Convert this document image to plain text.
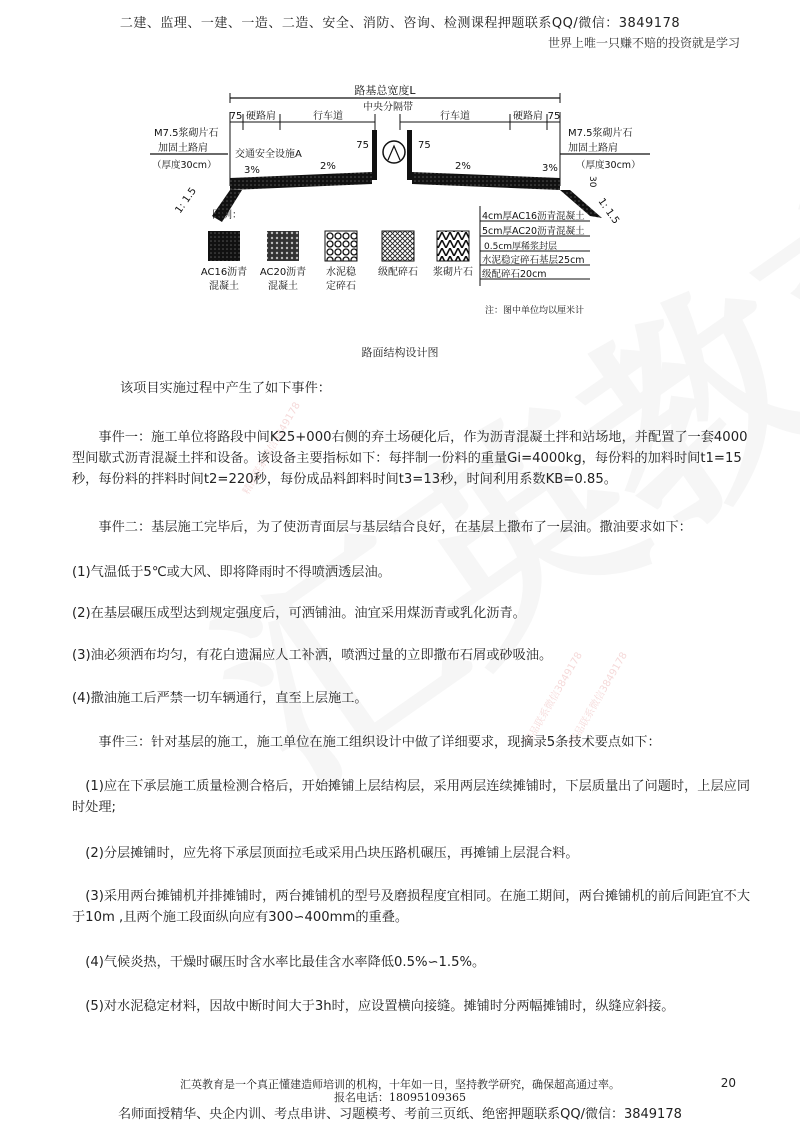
二建、监理、一建、一造、二造、安全、消防、咨询、检测课程押题联系QQ/微信：3849178
世界上唯一只赚不赔的投资就是学习
路基总宽度L
中央分隔带
75 硬路肩	行车道	行车道	硬路肩 75
75	75
M7.5浆砌片石
加固土路肩
（厚度30cm）
M7.5浆砌片石
加固土路肩
（厚度30cm）
交通安全设施A
3%	2%	2%	3%
1: 1.5	1: 1.5
30
图例：
AC16沥青
混凝土
AC20沥青
混凝土
水泥稳
定碎石
级配碎石 浆砌片石
4cm厚AC16沥青混凝土
5cm厚AC20沥青混凝土
0.5cm厚稀浆封层
水泥稳定碎石基层25cm
级配碎石20cm
注：图中单位均以厘米计
路面结构设计图
精品联系微信3849178
精品联系微信3849178
精品联系微信3849178

该项目实施过程中产生了如下事件：

事件一：施工单位将路段中间K25+000右侧的弃土场硬化后，作为沥青混凝土拌和站场地，并配置了一套4000型间歇式沥青混凝土拌和设备。该设备主要指标如下：每拌制一份料的重量Gi=4000kg，每份料的加料时间t1=15秒，每份料的拌料时间t2=220秒，每份成品料卸料时间t3=13秒，时间利用系数KB=0.85。

事件二：基层施工完毕后，为了使沥青面层与基层结合良好，在基层上撒布了一层油。撒油要求如下：

(1)气温低于5℃或大风、即将降雨时不得喷洒透层油。

(2)在基层碾压成型达到规定强度后，可洒铺油。油宜采用煤沥青或乳化沥青。

(3)油必须洒布均匀，有花白遗漏应人工补洒，喷洒过量的立即撒布石屑或砂吸油。

(4)撒油施工后严禁一切车辆通行，直至上层施工。

事件三：针对基层的施工，施工单位在施工组织设计中做了详细要求，现摘录5条技术要点如下：

(1)应在下承层施工质量检测合格后，开始摊铺上层结构层，采用两层连续摊铺时，下层质量出了问题时，上层应同时处理;

(2)分层摊铺时，应先将下承层顶面拉毛或采用凸块压路机碾压，再摊铺上层混合料。

(3)采用两台摊铺机并排摊铺时，两台摊铺机的型号及磨损程度宜相同。在施工期间，两台摊铺机的前后间距宜不大于10m ,且两个施工段面纵向应有300∽400mm的重叠。

(4)气候炎热，干燥时碾压时含水率比最佳含水率降低0.5%∽1.5%。

(5)对水泥稳定材料，因故中断时间大于3h时，应设置横向接缝。摊铺时分两幅摊铺时，纵缝应斜接。

汇英教育是一个真正懂建造师培训的机构，十年如一日，坚持教学研究，确保超高通过率。
报名电话：18095109365
20
名师面授精华、央企内训、考点串讲、习题模考、考前三页纸、绝密押题联系QQ/微信：3849178
